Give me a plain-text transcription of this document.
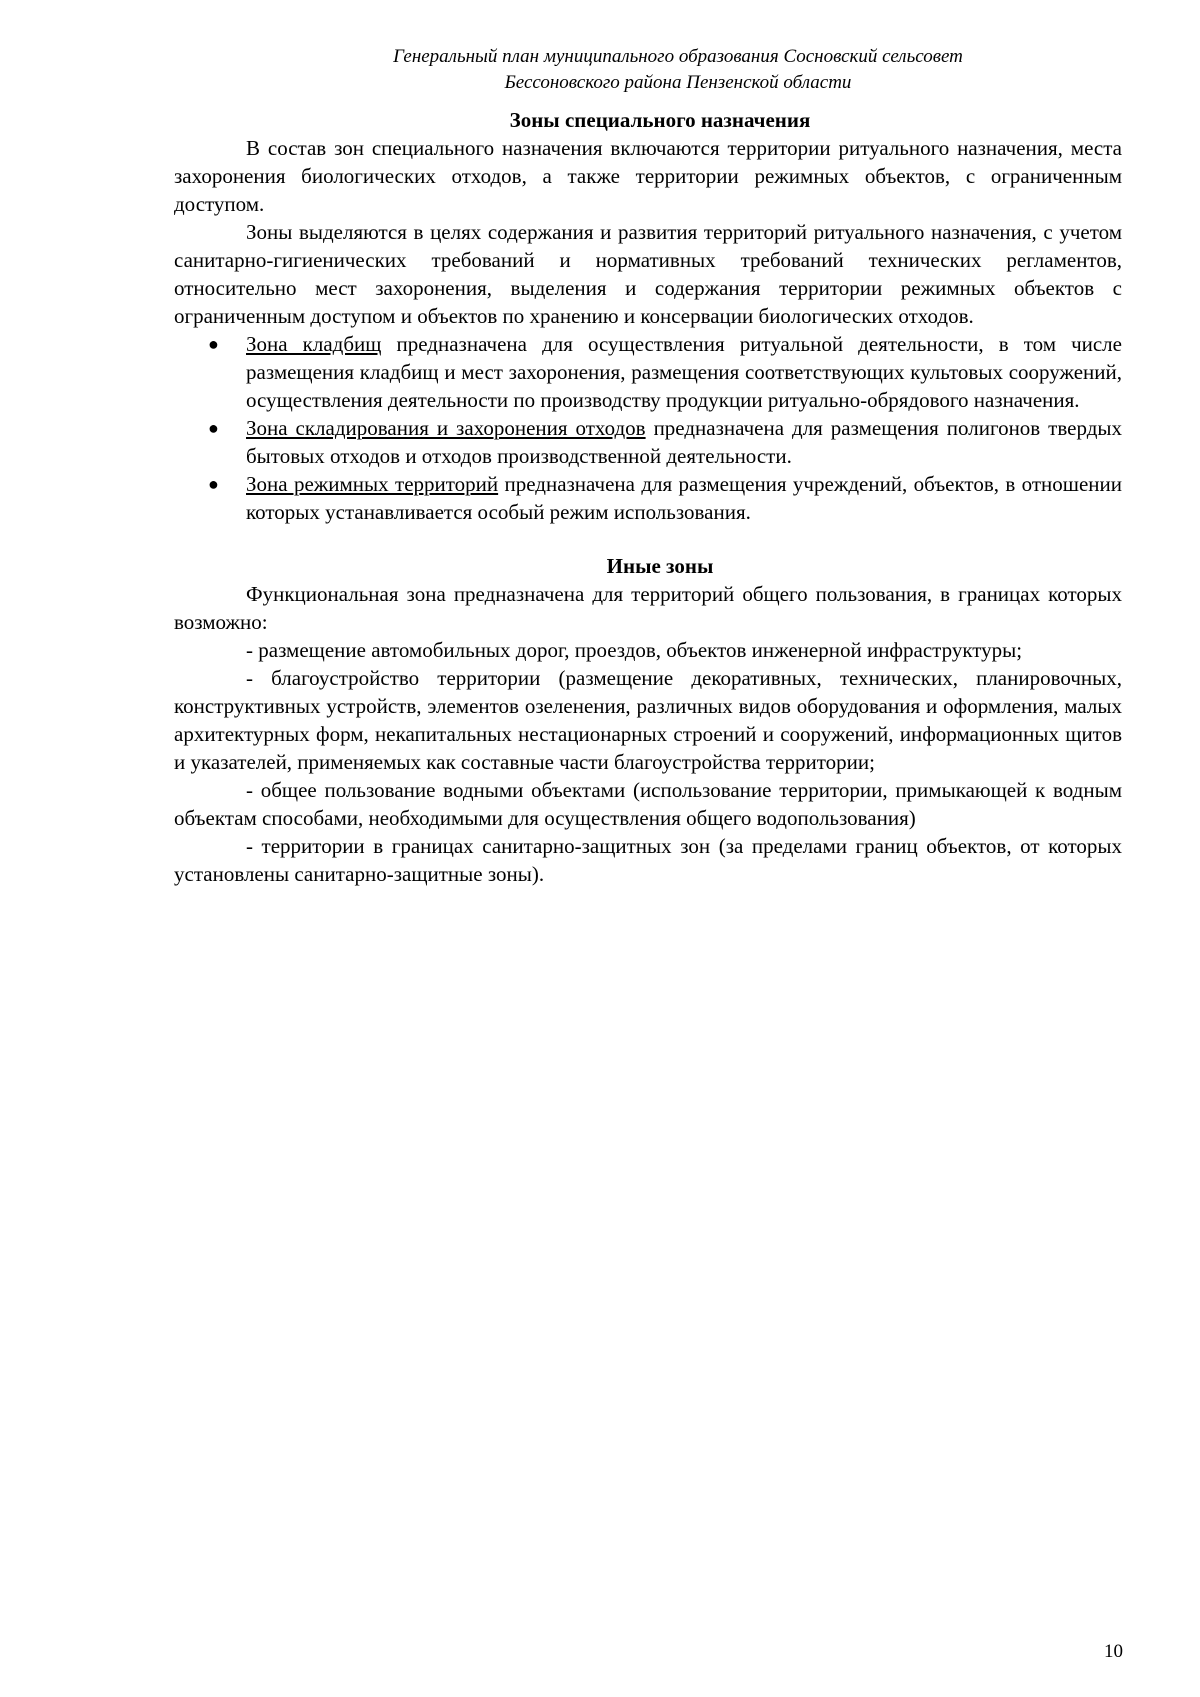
Генеральный план муниципального образования Сосновский сельсовет
Бессоновского района Пензенской области
Зоны специального назначения

В состав зон специального назначения включаются территории ритуального назначения, места захоронения биологических отходов, а также территории режимных объектов, с ограниченным доступом.

Зоны выделяются в целях содержания и развития территорий ритуального назначения, с учетом санитарно-гигиенических требований и нормативных требований технических регламентов, относительно мест захоронения, выделения и содержания территории режимных объектов с ограниченным доступом и объектов по хранению и консервации биологических отходов.

● Зона кладбищ предназначена для осуществления ритуальной деятельности, в том числе размещения кладбищ и мест захоронения, размещения соответствующих культовых сооружений, осуществления деятельности по производству продукции ритуально-обрядового назначения.
● Зона складирования и захоронения отходов предназначена для размещения полигонов твердых бытовых отходов и отходов производственной деятельности.
● Зона режимных территорий предназначена для размещения учреждений, объектов, в отношении которых устанавливается особый режим использования.
Иные зоны

Функциональная зона предназначена для территорий общего пользования, в границах которых возможно:

- размещение автомобильных дорог, проездов, объектов инженерной инфраструктуры;

- благоустройство территории (размещение декоративных, технических, планировочных, конструктивных устройств, элементов озеленения, различных видов оборудования и оформления, малых архитектурных форм, некапитальных нестационарных строений и сооружений, информационных щитов и указателей, применяемых как составные части благоустройства территории;

- общее пользование водными объектами (использование территории, примыкающей к водным объектам способами, необходимыми для осуществления общего водопользования)

- территории в границах санитарно-защитных зон (за пределами границ объектов, от которых установлены санитарно-защитные зоны).

10
